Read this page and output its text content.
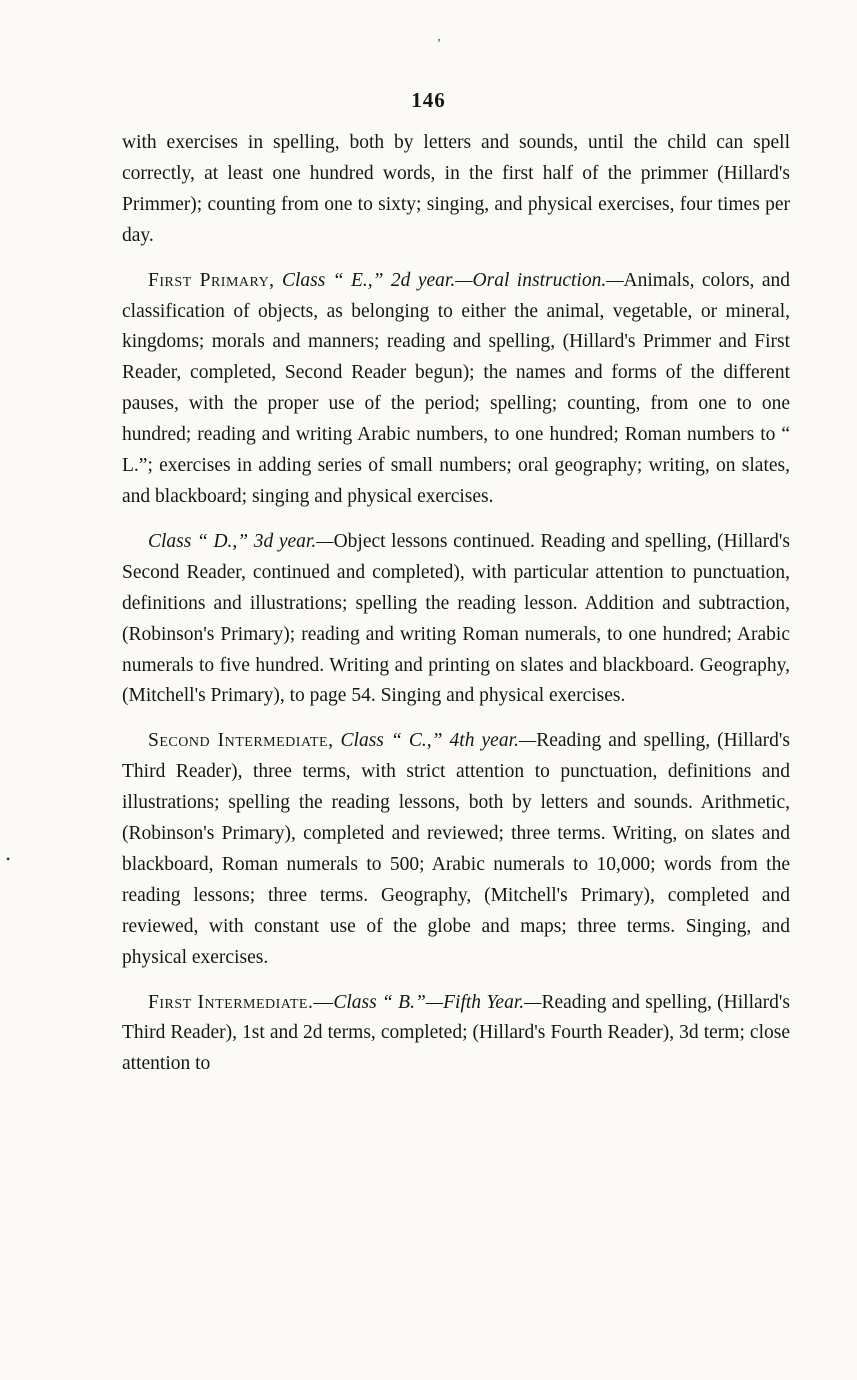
ʼ
•
146

with exercises in spelling, both by letters and sounds, until the child can spell correctly, at least one hundred words, in the first half of the primmer (Hillard's Primmer); counting from one to sixty; singing, and physical exercises, four times per day.

First Primary, Class “ E.,” 2d year.—Oral instruction.—Animals, colors, and classification of objects, as belonging to either the animal, vegetable, or mineral, kingdoms; morals and manners; reading and spelling, (Hillard's Primmer and First Reader, completed, Second Reader begun); the names and forms of the different pauses, with the proper use of the period; spelling; counting, from one to one hundred; reading and writing Arabic numbers, to one hundred; Roman numbers to “ L.”; exercises in adding series of small numbers; oral geography; writing, on slates, and blackboard; singing and physical exercises.

Class “ D.,” 3d year.—Object lessons continued. Reading and spelling, (Hillard's Second Reader, continued and completed), with particular attention to punctuation, definitions and illustrations; spelling the reading lesson. Addition and subtraction, (Robinson's Primary); reading and writing Roman numerals, to one hundred; Arabic numerals to five hundred. Writing and printing on slates and blackboard. Geography, (Mitchell's Primary), to page 54. Singing and physical exercises.

Second Intermediate, Class “ C.,” 4th year.—Reading and spelling, (Hillard's Third Reader), three terms, with strict attention to punctuation, definitions and illustrations; spelling the reading lessons, both by letters and sounds. Arithmetic, (Robinson's Primary), completed and reviewed; three terms. Writing, on slates and blackboard, Roman numerals to 500; Arabic numerals to 10,000; words from the reading lessons; three terms. Geography, (Mitchell's Primary), completed and reviewed, with constant use of the globe and maps; three terms. Singing, and physical exercises.

First Intermediate.—Class “ B.”—Fifth Year.—Reading and spelling, (Hillard's Third Reader), 1st and 2d terms, completed; (Hillard's Fourth Reader), 3d term; close attention to
